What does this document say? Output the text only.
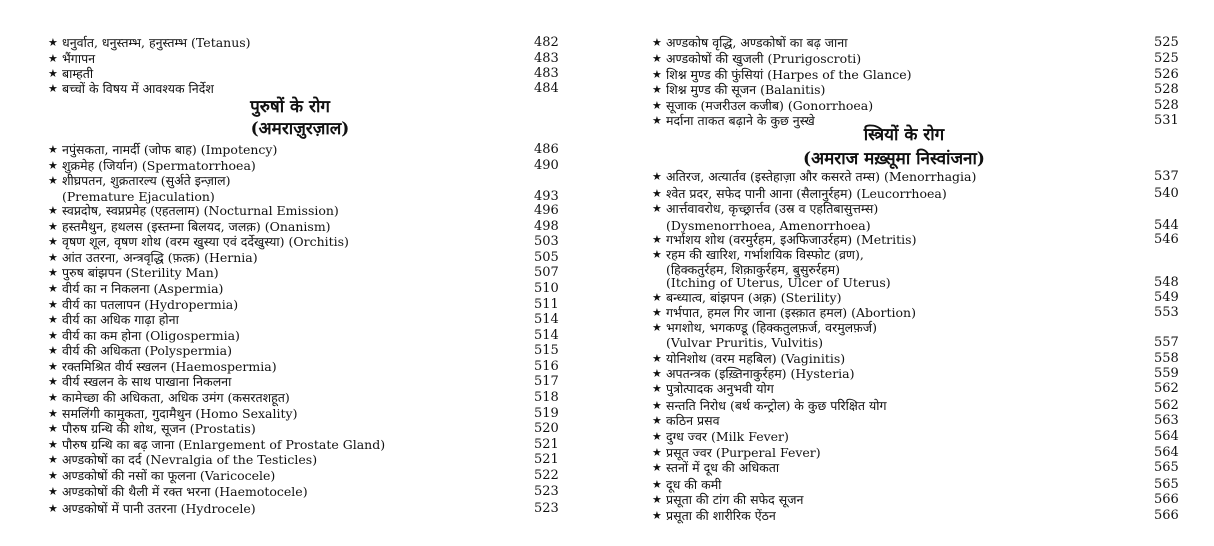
पुरुषों के रोग
(अमराज़ुरज़ाल)
★ धनुर्वात, धनुस्तम्भ, हनुस्तम्भ (Tetanus)	482
★ भैंगापन	483
★ बाम्हती	483
★ बच्चों के विषय में आवश्यक निर्देश	484
★ नपुंसकता, नामर्दी (जोफ बाह) (Impotency)	486
★ शुक्रमेह (जिर्यान) (Spermatorrhoea)	490
★ शीघ्रपतन, शुक्रतारल्य (सुर्अते इन्ज़ाल)
(Premature Ejaculation)	493
★ स्वप्नदोष, स्वप्नप्रमेह (एहतलाम) (Nocturnal Emission)	496
★ हस्तमैथुन, हथलस (इस्तम्ना बिलयद, जलक़) (Onanism)	498
★ वृषण शूल, वृषण शोथ (वरम खुस्या एवं दर्देखुस्या) (Orchitis)	503
★ आंत उतरना, अन्त्रवृद्धि (फ़त्क़) (Hernia)	505
★ पुरुष बांझपन (Sterility Man)	507
★ वीर्य का न निकलना (Aspermia)	510
★ वीर्य का पतलापन (Hydropermia)	511
★ वीर्य का अधिक गाढ़ा होना	514
★ वीर्य का कम होना (Oligospermia)	514
★ वीर्य की अधिकता (Polyspermia)	515
★ रक्तमिश्रित वीर्य स्खलन (Haemospermia)	516
★ वीर्य स्खलन के साथ पाखाना निकलना	517
★ कामेच्छा की अधिकता, अधिक उमंग (कसरतशहूत)	518
★ समलिंगी कामुकता, गुदामैथुन (Homo Sexality)	519
★ पौरुष ग्रन्थि की शोथ, सूजन (Prostatis)	520
★ पौरुष ग्रन्थि का बढ़ जाना (Enlargement of Prostate Gland)	521
★ अण्डकोषों का दर्द (Nevralgia of the Testicles)	521
★ अण्डकोषों की नसों का फूलना (Varicocele)	522
★ अण्डकोषों की थैली में रक्त भरना (Haemotocele)	523
★ अण्डकोषों में पानी उतरना (Hydrocele)	523
स्त्रियों के रोग
(अमराज मख़्सूमा निस्वांजना)
★ अण्डकोष वृद्धि, अण्डकोषों का बढ़ जाना	525
★ अण्डकोषों की खुजली (Prurigoscroti)	525
★ शिश्न मुण्ड की फुंसियां (Harpes of the Glance)	526
★ शिश्न मुण्ड की सूजन (Balanitis)	528
★ सूजाक (मजरीउल कजीब) (Gonorrhoea)	528
★ मर्दाना ताकत बढ़ाने के कुछ नुस्खे	531
★ अतिरज, अत्यार्तव (इस्तेहाज़ा और कसरते तम्स) (Menorrhagia)	537
★ श्वेत प्रदर, सफेद पानी आना (सैलानुर्रहम) (Leucorrhoea)	540
★ आर्त्तवावरोध, कृच्छ्रार्त्तव (उस्र व एहतिबासुत्तम्स)
(Dysmenorrhoea, Amenorrhoea)	544
★ गर्भाशय शोथ (वरमुर्रहम, इअफिजाउर्रहम) (Metritis)	546
★ रहम की खारिश, गर्भाशयिक विस्फोट (व्रण),
(हिक्कतुर्रहम, शिक़ाकुर्रहम, बुसुरुर्रहम)
(Itching of Uterus, Ulcer of Uterus)	548
★ बन्ध्यात्व, बांझपन (अक़्र) (Sterility)	549
★ गर्भपात, हमल गिर जाना (इस्क़ात हमल) (Abortion)	553
★ भगशोथ, भगकण्डू (हिक्कतुलफ़र्ज, वरमुलफ़र्ज)
(Vulvar Pruritis, Vulvitis)	557
★ योनिशोथ (वरम महबिल) (Vaginitis)	558
★ अपतन्त्रक (इख़्तिनाकुर्रहम) (Hysteria)	559
★ पुत्रोत्पादक अनुभवी योग	562
★ सन्तति निरोध (बर्थ कन्ट्रोल) के कुछ परिक्षित योग	562
★ कठिन प्रसव	563
★ दुग्ध ज्वर (Milk Fever)	564
★ प्रसूत ज्वर (Purperal Fever)	564
★ स्तनों में दूध की अधिकता	565
★ दूध की कमी	565
★ प्रसूता की टांग की सफेद सूजन	566
★ प्रसूता की शारीरिक ऐंठन	566
